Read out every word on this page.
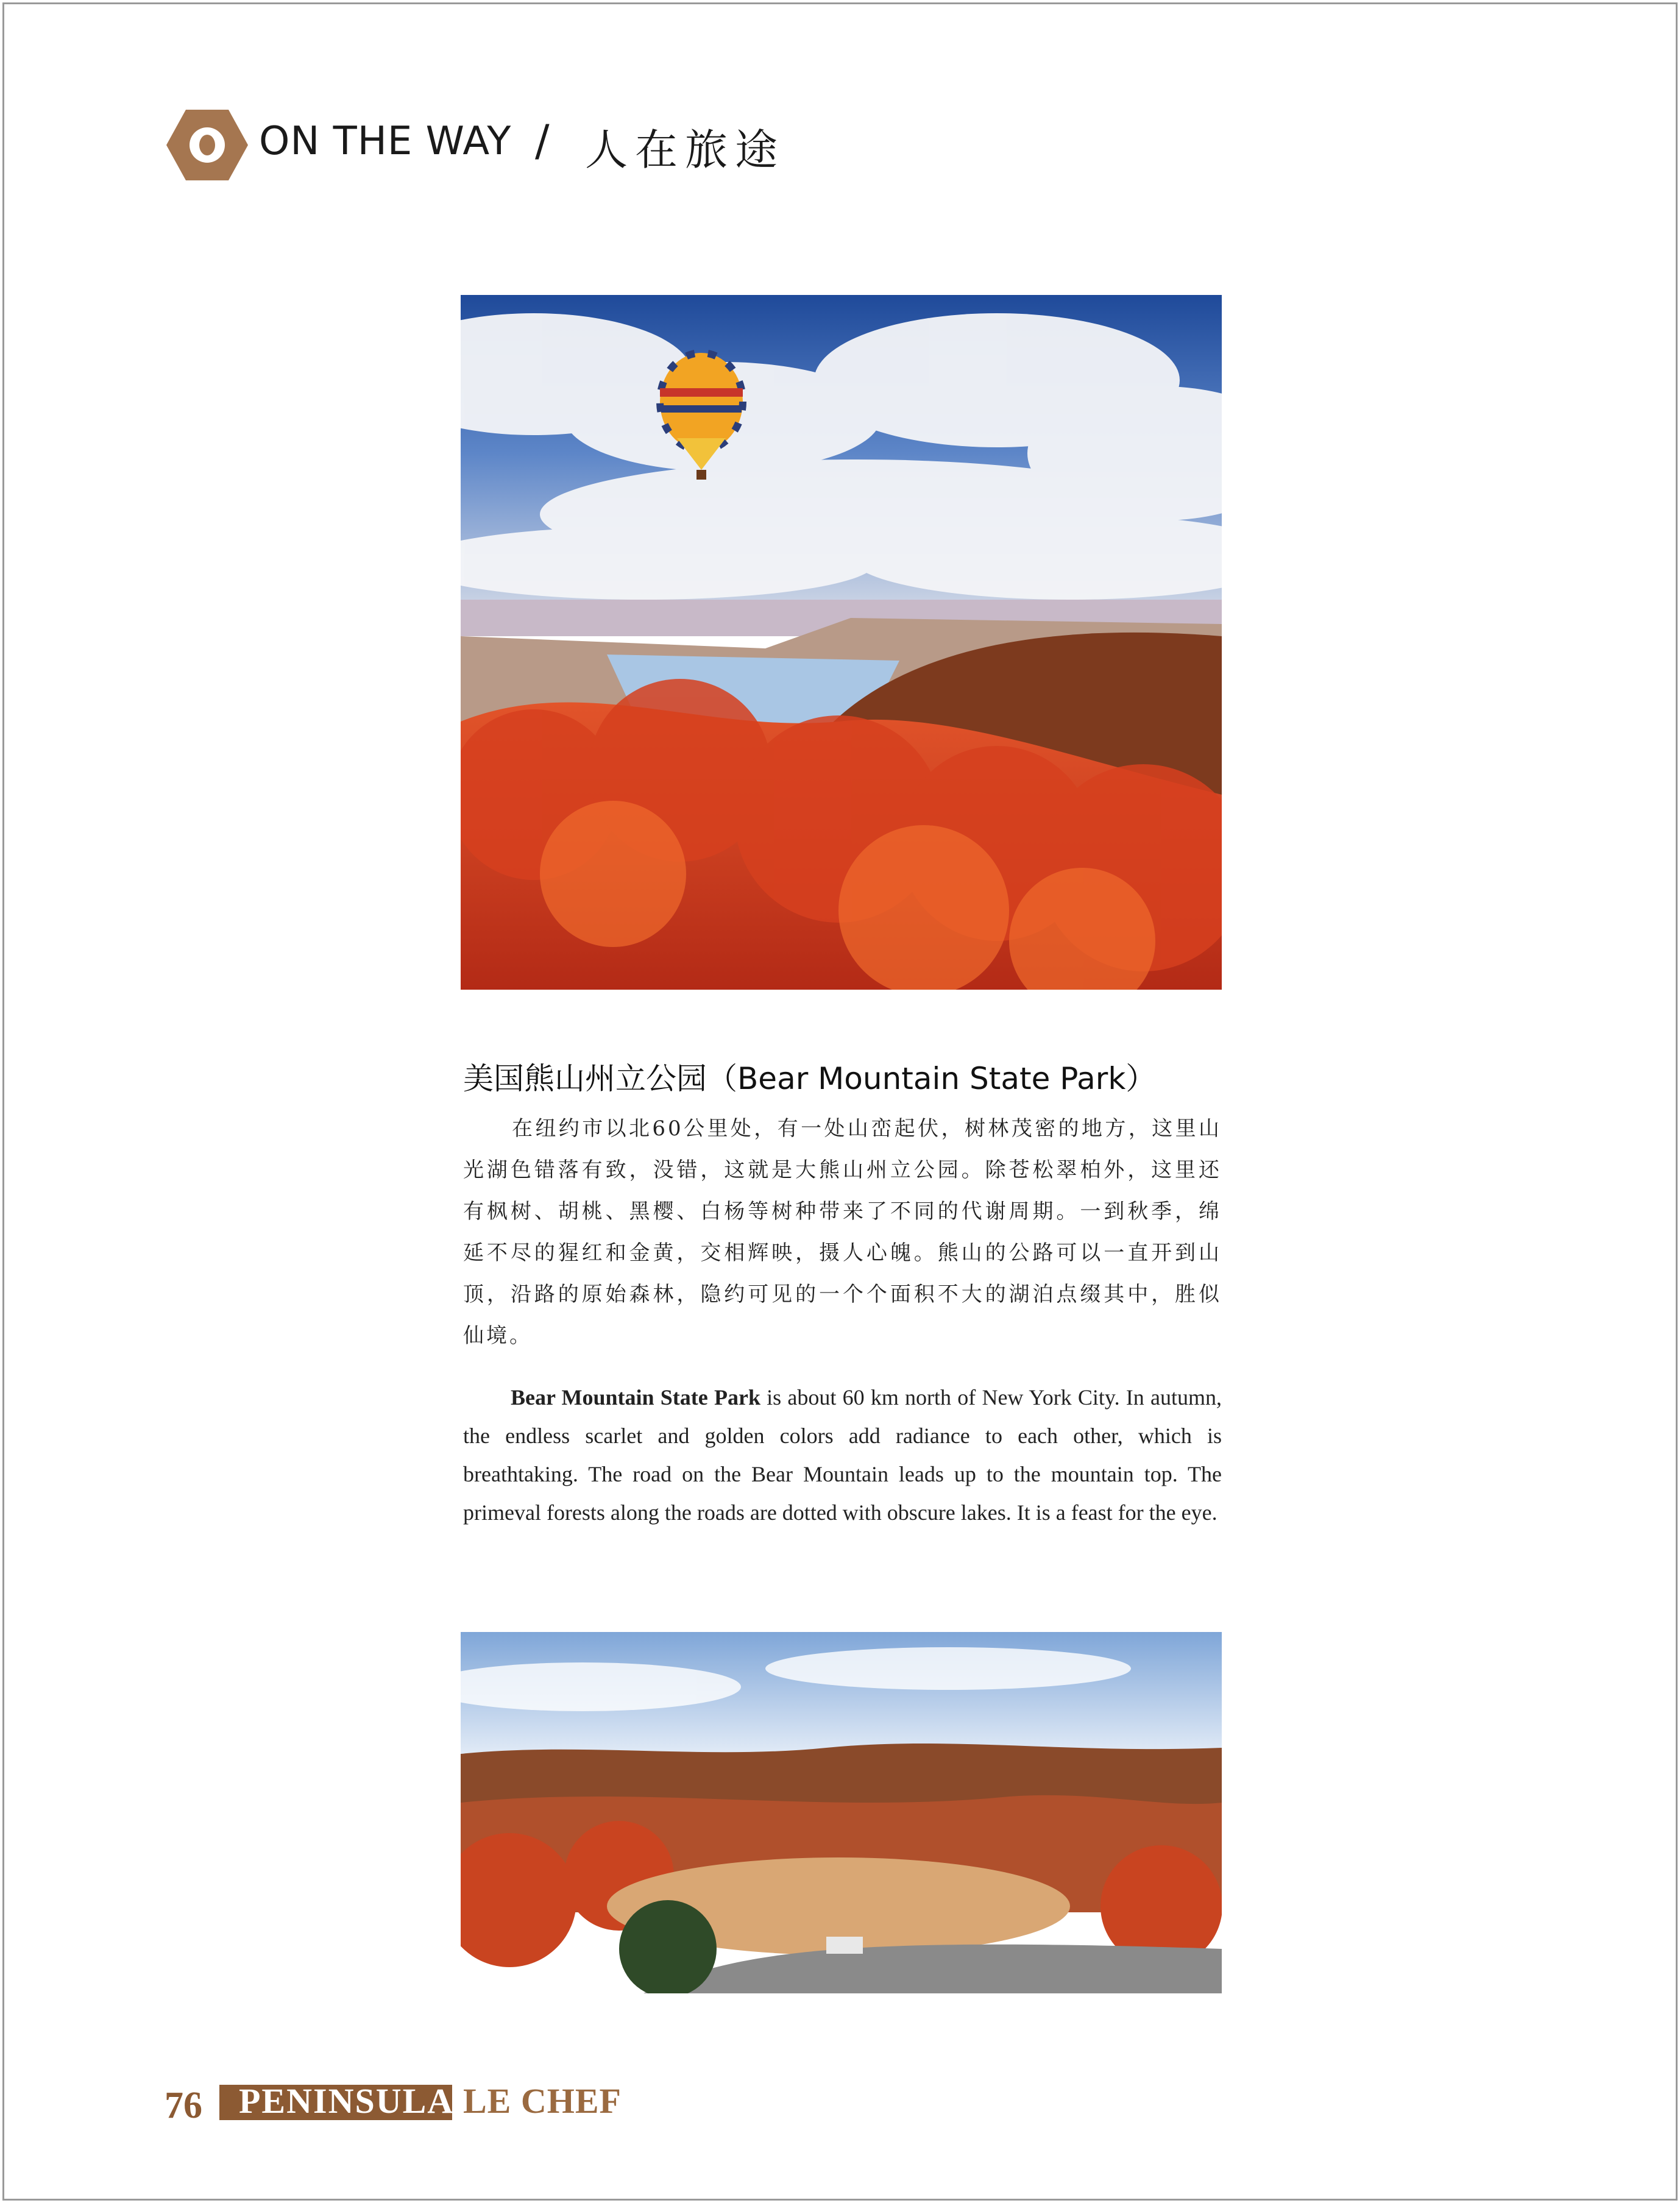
ON THE WAY / 人在旅途
美国熊山州立公园（Bear Mountain State Park）

在纽约市以北60公里处，有一处山峦起伏，树林茂密的地方，这里山光湖色错落有致，没错，这就是大熊山州立公园。除苍松翠柏外，这里还有枫树、胡桃、黑樱、白杨等树种带来了不同的代谢周期。一到秋季，绵延不尽的猩红和金黄，交相辉映，摄人心魄。熊山的公路可以一直开到山顶，沿路的原始森林，隐约可见的一个个面积不大的湖泊点缀其中，胜似仙境。

Bear Mountain State Park is about 60 km north of New York City. In autumn, the endless scarlet and golden colors add radiance to each other, which is breathtaking. The road on the Bear Mountain leads up to the mountain top. The primeval forests along the roads are dotted with obscure lakes. It is a feast for the eye.

76 PENINSULA LE CHEF
